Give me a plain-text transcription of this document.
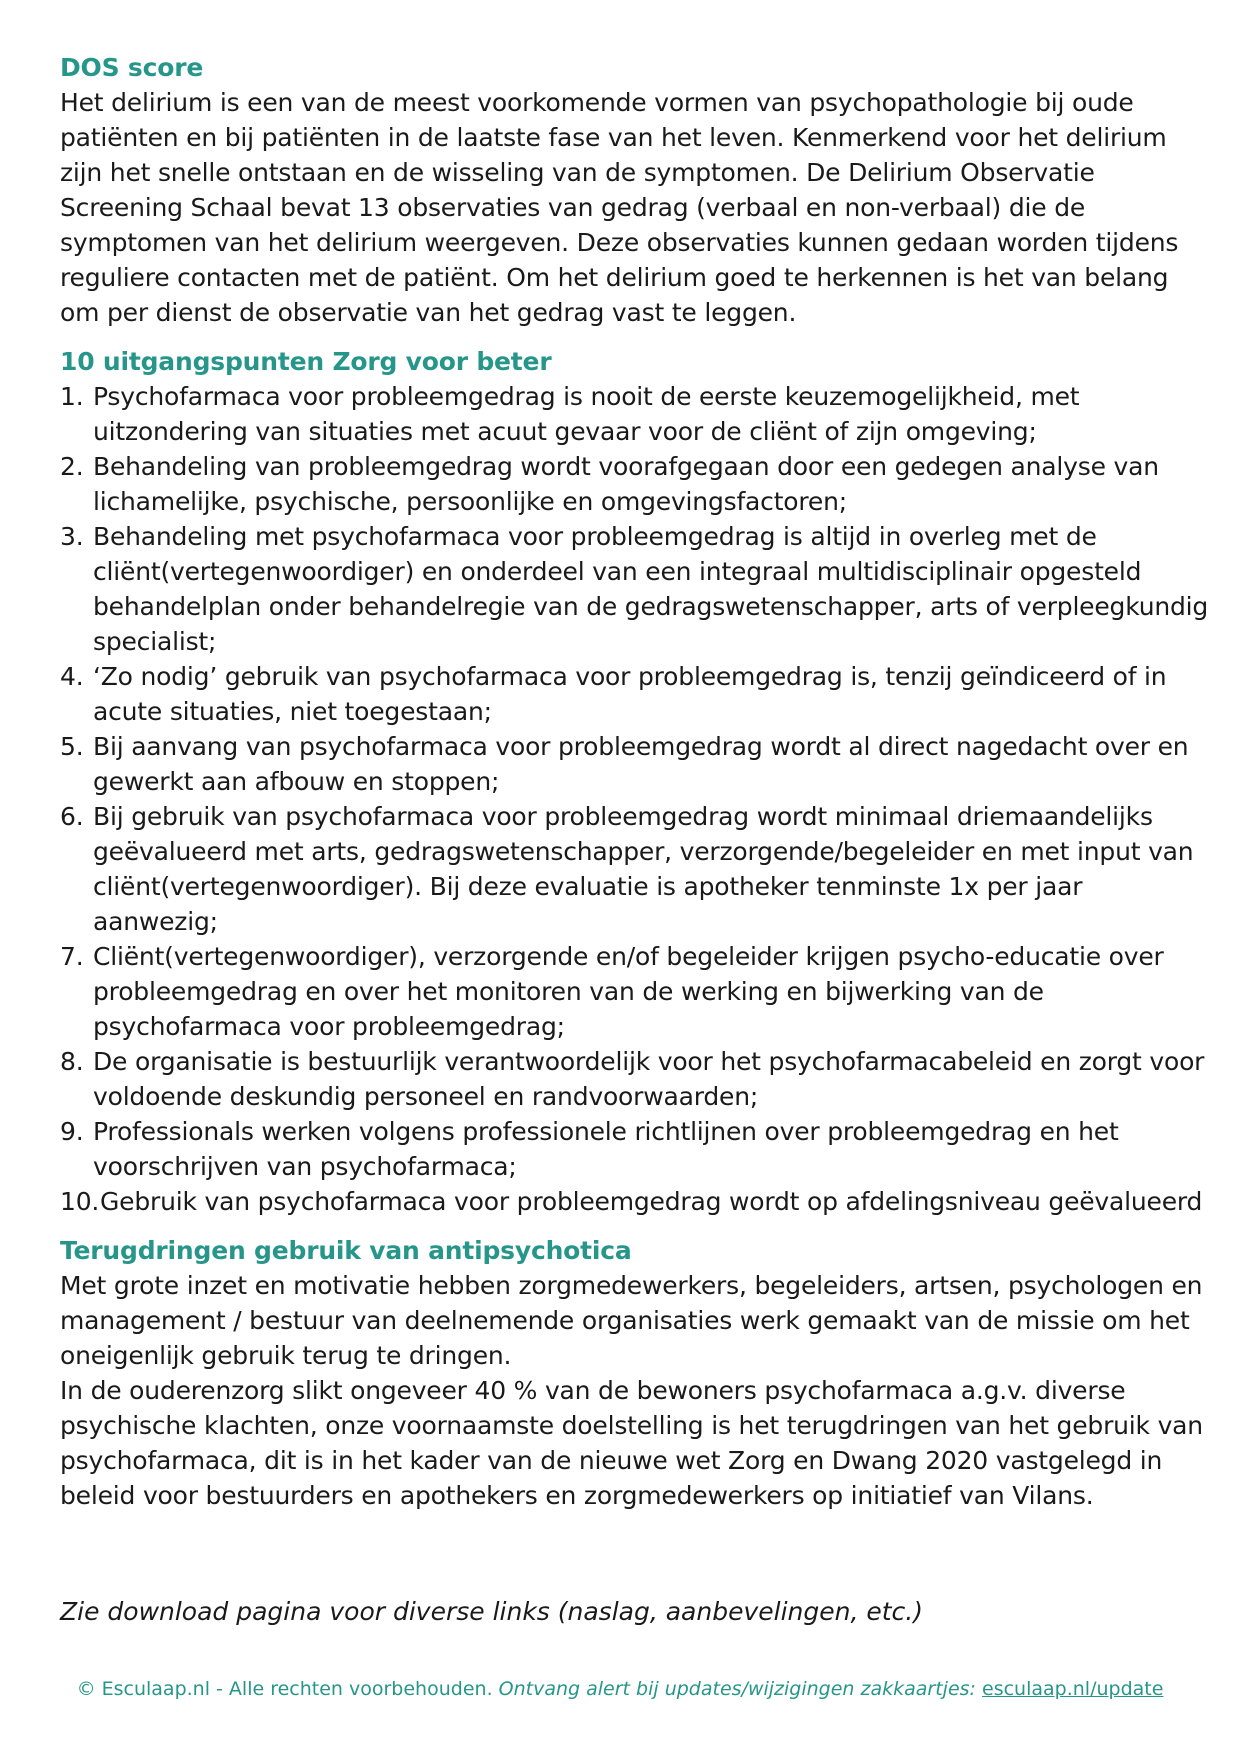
DOS score

Het delirium is een van de meest voorkomende vormen van psychopathologie bij oude patiënten en bij patiënten in de laatste fase van het leven. Kenmerkend voor het delirium zijn het snelle ontstaan en de wisseling van de symptomen. De Delirium Observatie Screening Schaal bevat 13 observaties van gedrag (verbaal en non-verbaal) die de symptomen van het delirium weergeven. Deze observaties kunnen gedaan worden tijdens reguliere contacten met de patiënt. Om het delirium goed te herkennen is het van belang om per dienst de observatie van het gedrag vast te leggen.

10 uitgangspunten Zorg voor beter
1. Psychofarmaca voor probleemgedrag is nooit de eerste keuzemogelijkheid, met uitzondering van situaties met acuut gevaar voor de cliënt of zijn omgeving;
2. Behandeling van probleemgedrag wordt voorafgegaan door een gedegen analyse van lichamelijke, psychische, persoonlijke en omgevingsfactoren;
3. Behandeling met psychofarmaca voor probleemgedrag is altijd in overleg met de cliënt(vertegenwoordiger) en onderdeel van een integraal multidisciplinair opgesteld behandelplan onder behandelregie van de gedragswetenschapper, arts of verpleegkundig specialist;
4. ‘Zo nodig’ gebruik van psychofarmaca voor probleemgedrag is, tenzij geïndiceerd of in acute situaties, niet toegestaan;
5. Bij aanvang van psychofarmaca voor probleemgedrag wordt al direct nagedacht over en gewerkt aan afbouw en stoppen;
6. Bij gebruik van psychofarmaca voor probleemgedrag wordt minimaal driemaandelijks geëvalueerd met arts, gedragswetenschapper, verzorgende/begeleider en met input van cliënt(vertegenwoordiger). Bij deze evaluatie is apotheker tenminste 1x per jaar aanwezig;
7. Cliënt(vertegenwoordiger), verzorgende en/of begeleider krijgen psycho-educatie over probleemgedrag en over het monitoren van de werking en bijwerking van de psychofarmaca voor probleemgedrag;
8. De organisatie is bestuurlijk verantwoordelijk voor het psychofarmacabeleid en zorgt voor voldoende deskundig personeel en randvoorwaarden;
9. Professionals werken volgens professionele richtlijnen over probleemgedrag en het voorschrijven van psychofarmaca;
10. Gebruik van psychofarmaca voor probleemgedrag wordt op afdelingsniveau geëvalueerd
Terugdringen gebruik van antipsychotica

Met grote inzet en motivatie hebben zorgmedewerkers, begeleiders, artsen, psychologen en management / bestuur van deelnemende organisaties werk gemaakt van de missie om het oneigenlijk gebruik terug te dringen.

In de ouderenzorg slikt ongeveer 40 % van de bewoners psychofarmaca a.g.v. diverse psychische klachten, onze voornaamste doelstelling is het terugdringen van het gebruik van psychofarmaca, dit is in het kader van de nieuwe wet Zorg en Dwang 2020 vastgelegd in beleid voor bestuurders en apothekers en zorgmedewerkers op initiatief van Vilans.

Zie download pagina voor diverse links (naslag, aanbevelingen, etc.)
© Esculaap.nl - Alle rechten voorbehouden. Ontvang alert bij updates/wijzigingen zakkaartjes: esculaap.nl/update
